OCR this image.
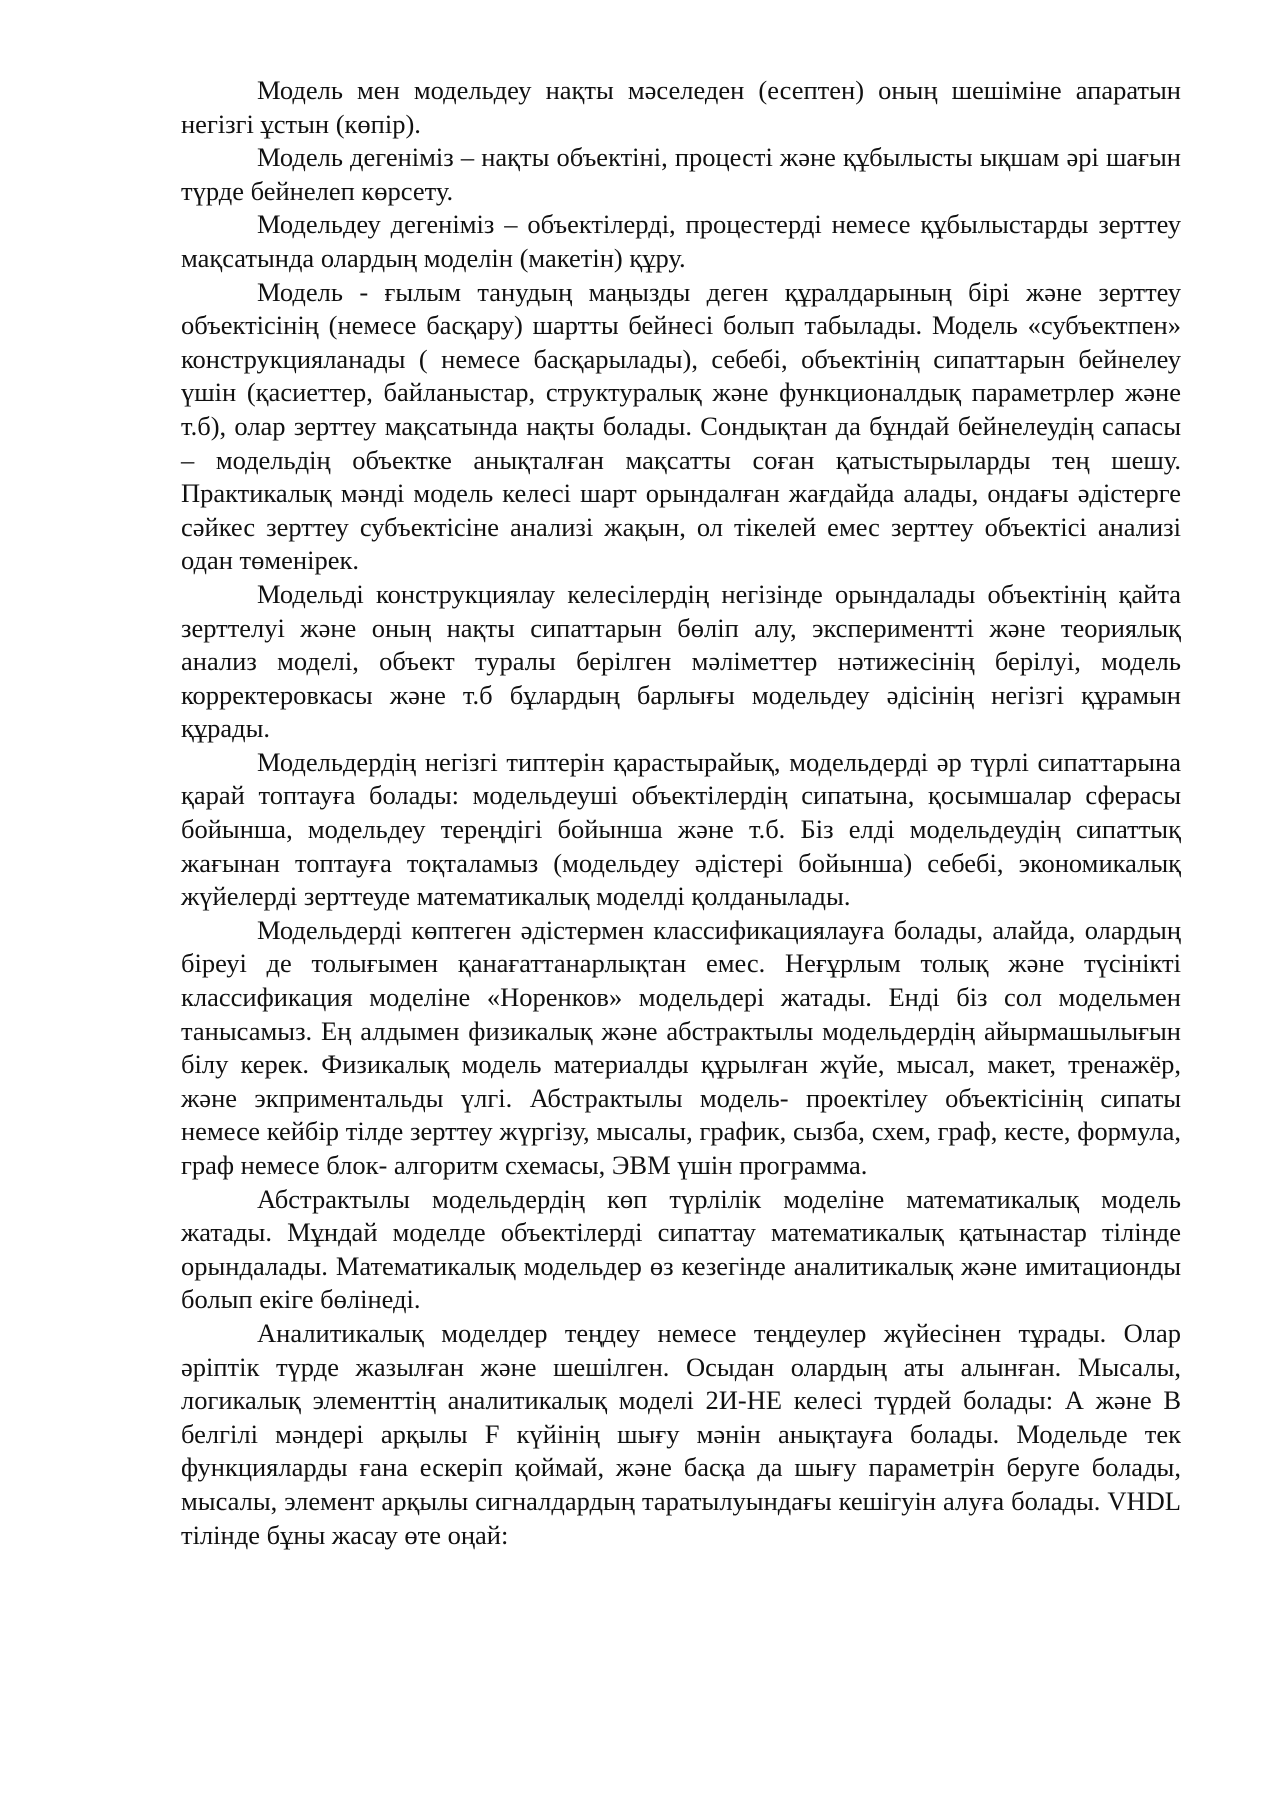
Модель мен модельдеу нақты мәселеден (есептен) оның шешіміне апаратын негізгі ұстын (көпір).

Модель дегеніміз – нақты объектіні, процесті және құбылысты ықшам әрі шағын түрде бейнелеп көрсету.

Модельдеу дегеніміз – объектілерді, процестерді немесе құбылыстарды зерттеу мақсатында олардың моделін (макетін) құру.

Модель - ғылым танудың маңызды деген құралдарының бірі және зерттеу объектісінің (немесе басқару) шартты бейнесі болып табылады. Модель «субъектпен» конструкцияланады ( немесе басқарылады), себебі, объектінің сипаттарын бейнелеу үшін (қасиеттер, байланыстар, структуралық және функционалдық параметрлер және т.б), олар зерттеу мақсатында нақты болады. Сондықтан да бұндай бейнелеудің сапасы – модельдің объектке анықталған мақсатты соған қатыстырыларды тең шешу. Практикалық мәнді модель келесі шарт орындалған жағдайда алады, ондағы әдістерге сәйкес зерттеу субъектісіне анализі жақын, ол тікелей емес зерттеу объектісі анализі одан төменірек.

Модельді конструкциялау келесілердің негізінде орындалады объектінің қайта зерттелуі және оның нақты сипаттарын бөліп алу, экспериментті және теориялық анализ моделі, объект туралы берілген мәліметтер нәтижесінің берілуі, модель корректеровкасы және т.б бұлардың барлығы модельдеу әдісінің негізгі құрамын құрады.

Модельдердің негізгі типтерін қарастырайық, модельдерді әр түрлі сипаттарына қарай топтауға болады: модельдеуші объектілердің сипатына, қосымшалар сферасы бойынша, модельдеу тереңдігі бойынша және т.б. Біз елді модельдеудің сипаттық жағынан топтауға тоқталамыз (модельдеу әдістері бойынша) себебі, экономикалық жүйелерді зерттеуде математикалық моделді қолданылады.

Модельдерді көптеген әдістермен классификациялауға болады, алайда, олардың біреуі де толығымен қанағаттанарлықтан емес. Неғұрлым толық және түсінікті классификация моделіне «Норенков» модельдері жатады. Енді біз сол модельмен танысамыз. Ең алдымен физикалық және абстрактылы модельдердің айырмашылығын білу керек. Физикалық модель материалды құрылған жүйе, мысал, макет, тренажёр, және экприментальды үлгі. Абстрактылы модель- проектілеу объектісінің сипаты немесе кейбір тілде зерттеу жүргізу, мысалы, график, сызба, схем, граф, кесте, формула, граф немесе блок- алгоритм схемасы, ЭВМ үшін программа.

Абстрактылы модельдердің көп түрлілік моделіне математикалық модель жатады. Мұндай моделде объектілерді сипаттау математикалық қатынастар тілінде орындалады. Математикалық модельдер өз кезегінде аналитикалық және имитационды болып екіге бөлінеді.

Аналитикалық моделдер теңдеу немесе теңдеулер жүйесінен тұрады. Олар әріптік түрде жазылған және шешілген. Осыдан олардың аты алынған. Мысалы, логикалық элементтің аналитикалық моделі 2И-НЕ келесі түрдей болады: А және В белгілі мәндері арқылы F күйінің шығу мәнін анықтауға болады. Модельде тек функцияларды ғана ескеріп қоймай, және басқа да шығу параметрін беруге болады, мысалы, элемент арқылы сигналдардың таратылуындағы кешігуін алуға болады. VHDL тілінде бұны жасау өте оңай:
